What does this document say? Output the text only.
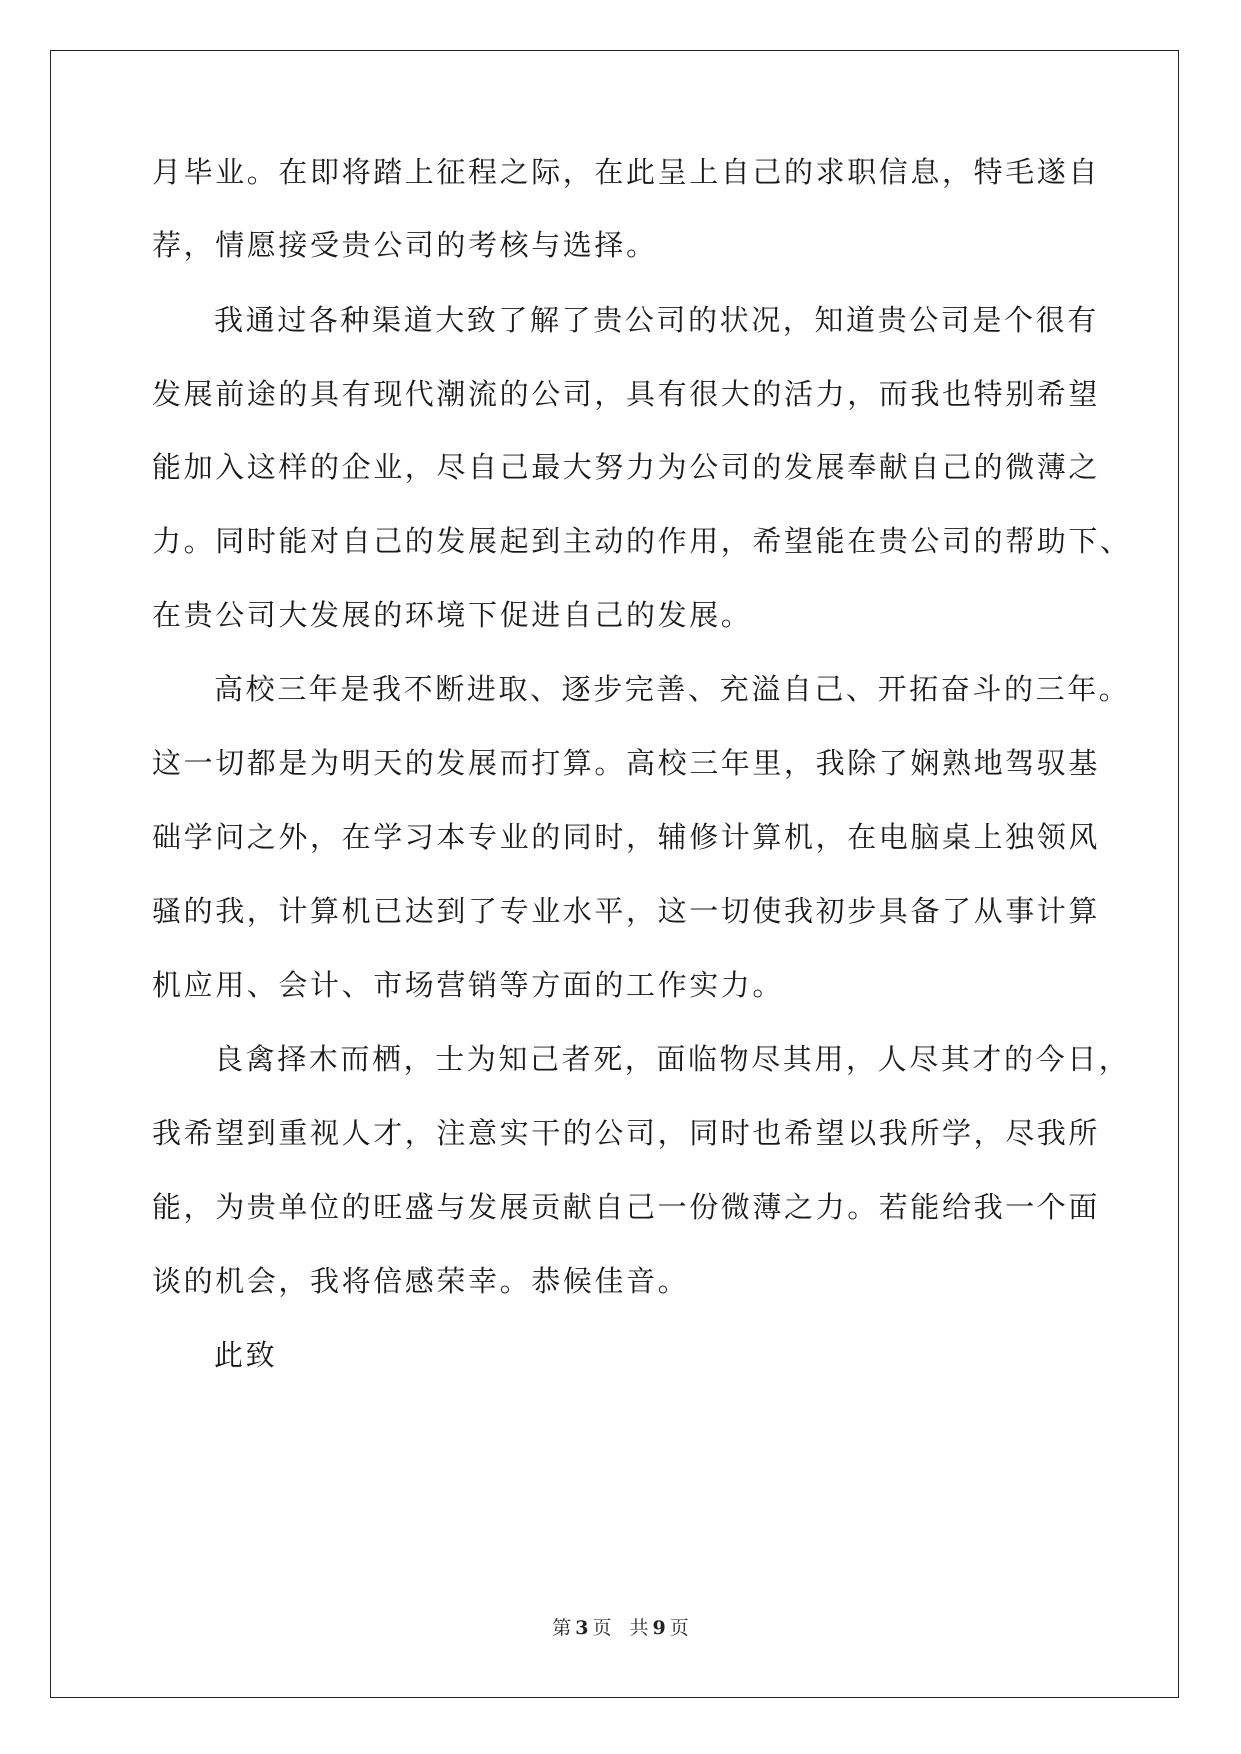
月毕业。在即将踏上征程之际，在此呈上自己的求职信息，特毛遂自

荐，情愿接受贵公司的考核与选择。

我通过各种渠道大致了解了贵公司的状况，知道贵公司是个很有

发展前途的具有现代潮流的公司，具有很大的活力，而我也特别希望

能加入这样的企业，尽自己最大努力为公司的发展奉献自己的微薄之

力。同时能对自己的发展起到主动的作用，希望能在贵公司的帮助下、

在贵公司大发展的环境下促进自己的发展。

高校三年是我不断进取、逐步完善、充溢自己、开拓奋斗的三年。

这一切都是为明天的发展而打算。高校三年里，我除了娴熟地驾驭基

础学问之外，在学习本专业的同时，辅修计算机，在电脑桌上独领风

骚的我，计算机已达到了专业水平，这一切使我初步具备了从事计算

机应用、会计、市场营销等方面的工作实力。

良禽择木而栖，士为知己者死，面临物尽其用，人尽其才的今日，

我希望到重视人才，注意实干的公司，同时也希望以我所学，尽我所

能，为贵单位的旺盛与发展贡献自己一份微薄之力。若能给我一个面

谈的机会，我将倍感荣幸。恭候佳音。

此致

第 3 页 共 9 页
